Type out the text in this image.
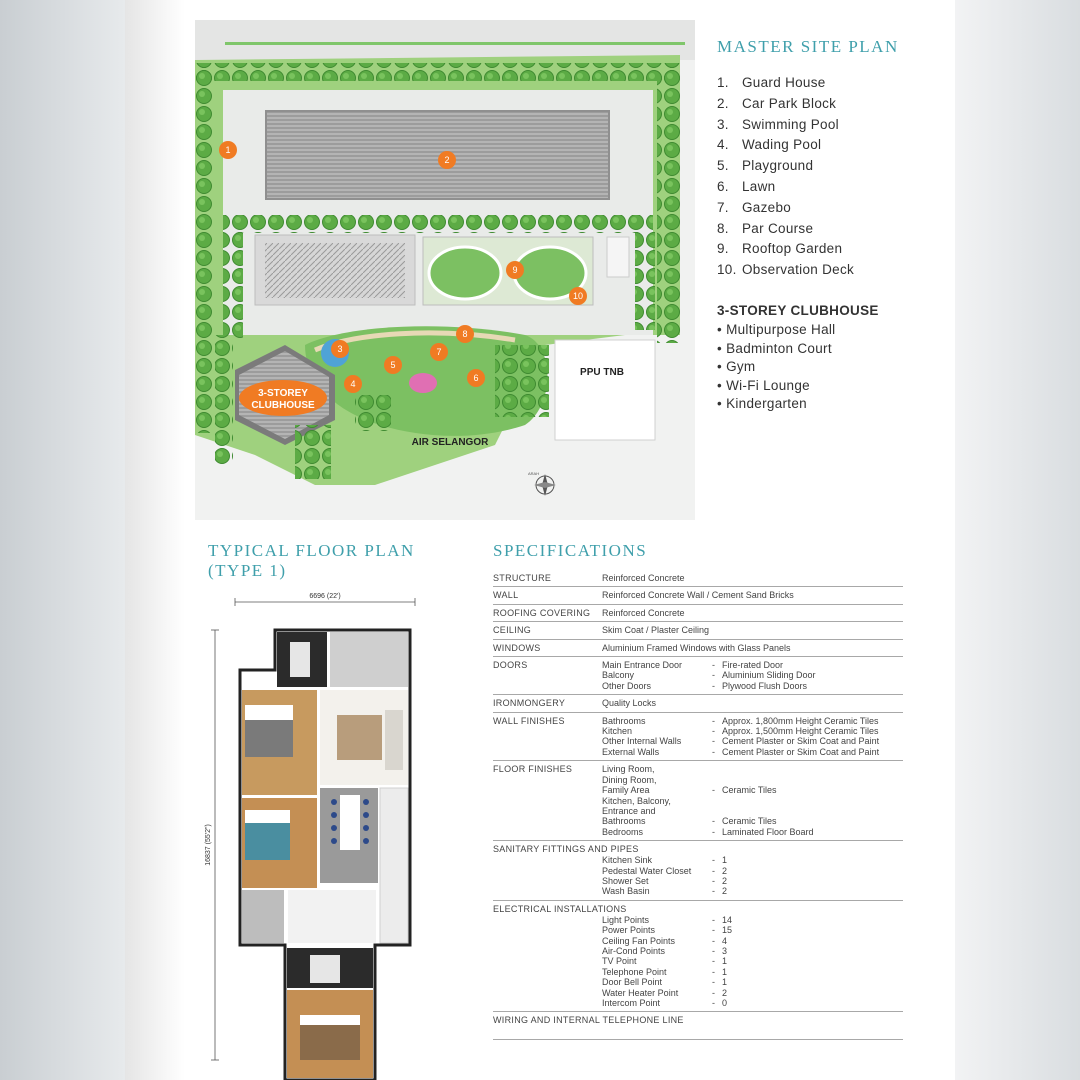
3-STOREY
CLUBHOUSE
PPU TNB
AIR SELANGOR
ARAH
1
2
3
4
5
6
7
8
9
10
MASTER SITE PLAN
1. Guard House
2. Car Park Block
3. Swimming Pool
4. Wading Pool
5. Playground
6. Lawn
7. Gazebo
8. Par Course
9. Rooftop Garden
10. Observation Deck
3-STOREY CLUBHOUSE
• Multipurpose Hall
• Badminton Court
• Gym
• Wi-Fi Lounge
• Kindergarten
TYPICAL FLOOR PLAN
(TYPE 1)
6696 (22')
16837 (55'2")
SPECIFICATIONS
STRUCTURE	Reinforced Concrete
WALL	Reinforced Concrete Wall / Cement Sand Bricks
ROOFING COVERING Reinforced Concrete
CEILING	Skim Coat / Plaster Ceiling
WINDOWS	Aluminium Framed Windows with Glass Panels
DOORS	Main Entrance Door	- Fire-rated Door
Balcony	- Aluminium Sliding Door
Other Doors	- Plywood Flush Doors
IRONMONGERY	Quality Locks
WALL FINISHES	Bathrooms	- Approx. 1,800mm Height Ceramic Tiles
Kitchen	- Approx. 1,500mm Height Ceramic Tiles
Other Internal Walls	- Cement Plaster or Skim Coat and Paint
External Walls	- Cement Plaster or Skim Coat and Paint
FLOOR FINISHES	Living Room,
Dining Room,
Family Area	- Ceramic Tiles
Kitchen, Balcony,
Entrance and
Bathrooms	- Ceramic Tiles
Bedrooms	- Laminated Floor Board
SANITARY FITTINGS AND PIPES
Kitchen Sink	- 1
Pedestal Water Closet	- 2
Shower Set	- 2
Wash Basin	- 2
ELECTRICAL INSTALLATIONS
Light Points	- 14
Power Points	- 15
Ceiling Fan Points	- 4
Air-Cond Points	- 3
TV Point	- 1
Telephone Point	- 1
Door Bell Point	- 1
Water Heater Point	- 2
Intercom Point	- 0
WIRING AND INTERNAL TELEPHONE LINE
